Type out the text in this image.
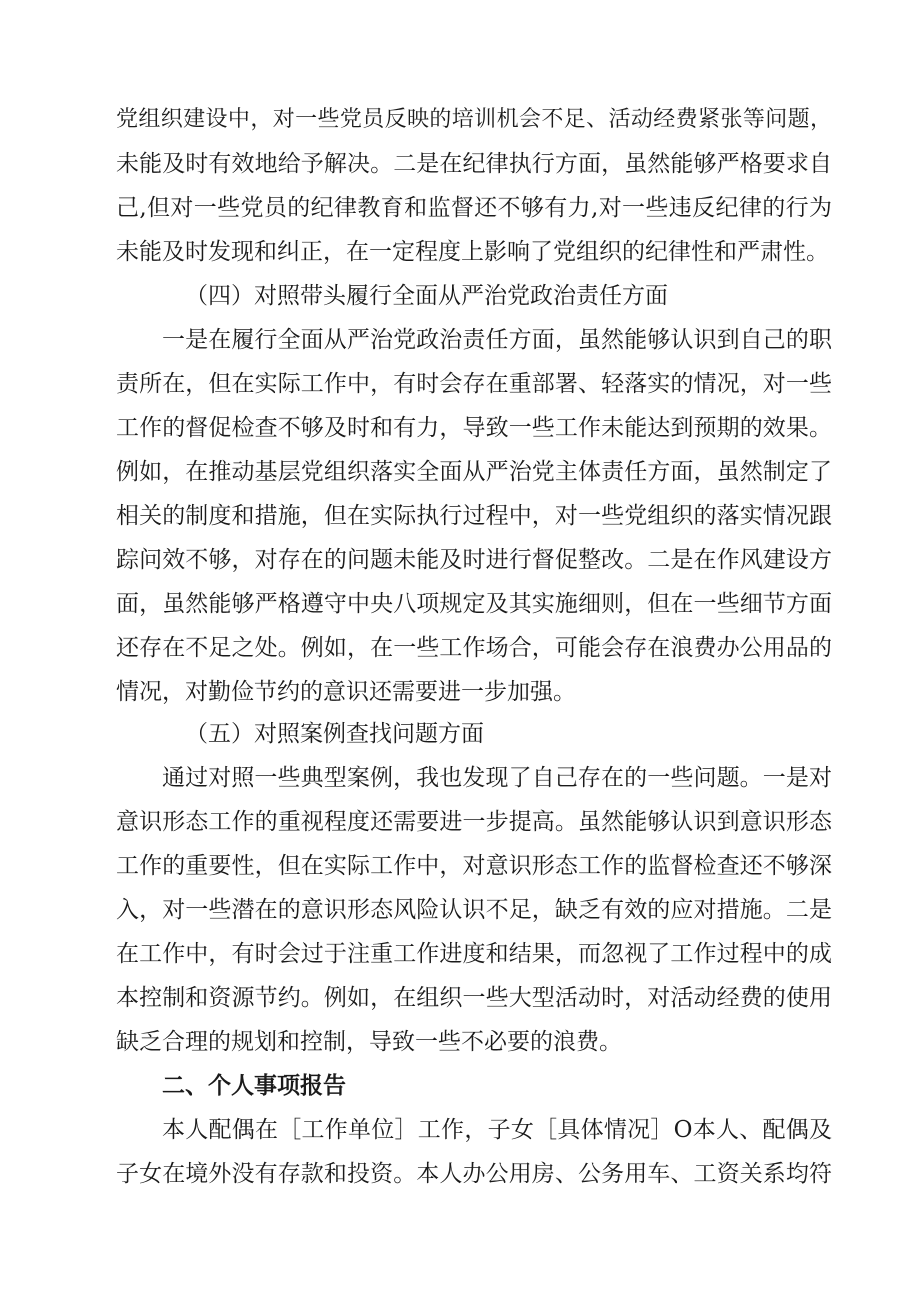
党组织建设中，对一些党员反映的培训机会不足、活动经费紧张等问题，
未能及时有效地给予解决。二是在纪律执行方面，虽然能够严格要求自
己,但对一些党员的纪律教育和监督还不够有力,对一些违反纪律的行为
未能及时发现和纠正，在一定程度上影响了党组织的纪律性和严肃性。
（四）对照带头履行全面从严治党政治责任方面
一是在履行全面从严治党政治责任方面，虽然能够认识到自己的职
责所在，但在实际工作中，有时会存在重部署、轻落实的情况，对一些
工作的督促检查不够及时和有力，导致一些工作未能达到预期的效果。
例如，在推动基层党组织落实全面从严治党主体责任方面，虽然制定了
相关的制度和措施，但在实际执行过程中，对一些党组织的落实情况跟
踪问效不够，对存在的问题未能及时进行督促整改。二是在作风建设方
面，虽然能够严格遵守中央八项规定及其实施细则，但在一些细节方面
还存在不足之处。例如，在一些工作场合，可能会存在浪费办公用品的
情况，对勤俭节约的意识还需要进一步加强。
（五）对照案例查找问题方面
通过对照一些典型案例，我也发现了自己存在的一些问题。一是对
意识形态工作的重视程度还需要进一步提高。虽然能够认识到意识形态
工作的重要性，但在实际工作中，对意识形态工作的监督检查还不够深
入，对一些潜在的意识形态风险认识不足，缺乏有效的应对措施。二是
在工作中，有时会过于注重工作进度和结果，而忽视了工作过程中的成
本控制和资源节约。例如，在组织一些大型活动时，对活动经费的使用
缺乏合理的规划和控制，导致一些不必要的浪费。
二、个人事项报告
本人配偶在［工作单位］工作，子女［具体情况］O本人、配偶及
子女在境外没有存款和投资。本人办公用房、公务用车、工资关系均符
